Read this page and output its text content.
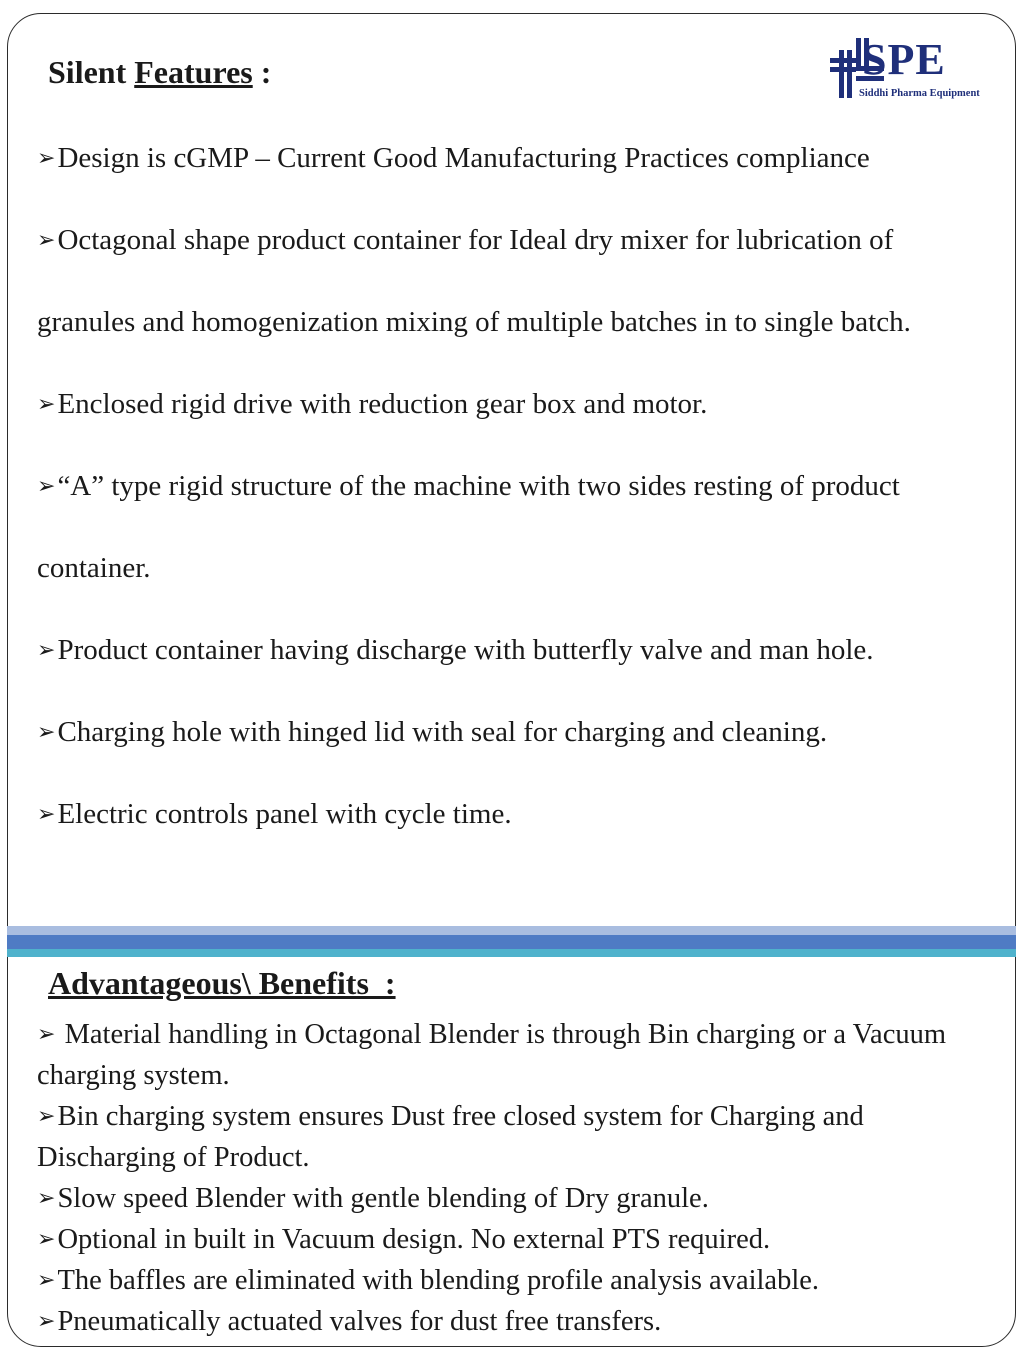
Silent Features :	SPE
Siddhi Pharma Equipment
➢Design is cGMP – Current Good Manufacturing Practices compliance
➢Octagonal shape product container for Ideal dry mixer for lubrication of
granules and homogenization mixing of multiple batches in to single batch.
➢Enclosed rigid drive with reduction gear box and motor.
➢“A” type rigid structure of the machine with two sides resting of product
container.
➢Product container having discharge with butterfly valve and man hole.
➢Charging hole with hinged lid with seal for charging and cleaning.
➢Electric controls panel with cycle time.
Advantageous\ Benefits  :
➢ Material handling in Octagonal Blender is through Bin charging or a Vacuum
charging system.
➢Bin charging system ensures Dust free closed system for Charging and
Discharging of Product.
➢Slow speed Blender with gentle blending of Dry granule.
➢Optional in built in Vacuum design. No external PTS required.
➢The baffles are eliminated with blending profile analysis available.
➢Pneumatically actuated valves for dust free transfers.
